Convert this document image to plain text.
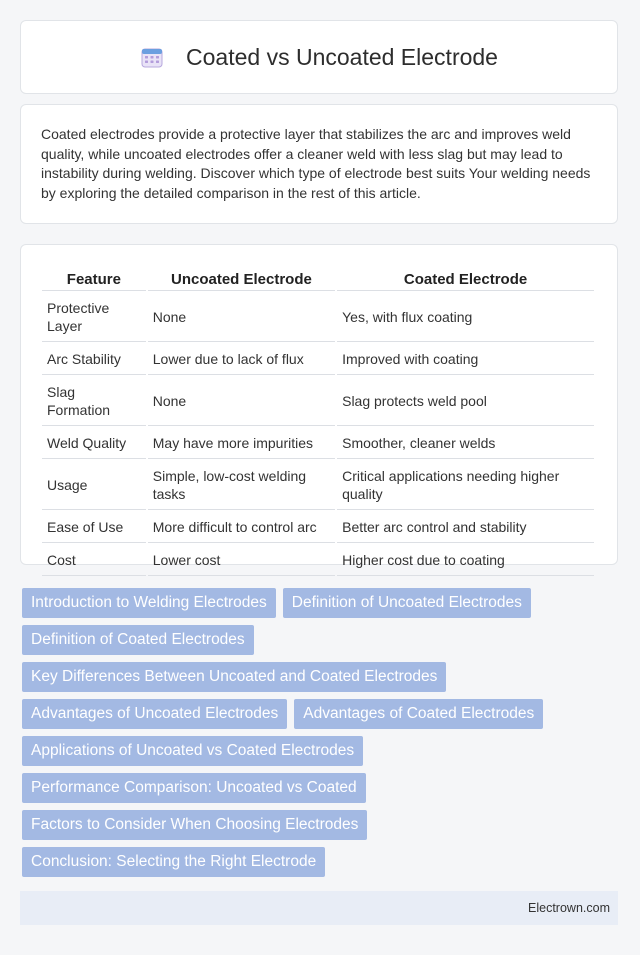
Coated vs Uncoated Electrode
Coated electrodes provide a protective layer that stabilizes the arc and improves weld quality, while uncoated electrodes offer a cleaner weld with less slag but may lead to instability during welding. Discover which type of electrode best suits Your welding needs by exploring the detailed comparison in the rest of this article.
Feature	Uncoated Electrode	Coated Electrode
Protective Layer	None	Yes, with flux coating
Arc Stability	Lower due to lack of flux	Improved with coating
Slag Formation	None	Slag protects weld pool
Weld Quality	May have more impurities	Smoother, cleaner welds
Usage	Simple, low-cost welding tasks	Critical applications needing higher quality
Ease of Use	More difficult to control arc	Better arc control and stability
Cost	Lower cost	Higher cost due to coating
Introduction to Welding Electrodes	Definition of Uncoated Electrodes
Definition of Coated Electrodes
Key Differences Between Uncoated and Coated Electrodes
Advantages of Uncoated Electrodes	Advantages of Coated Electrodes
Applications of Uncoated vs Coated Electrodes
Performance Comparison: Uncoated vs Coated
Factors to Consider When Choosing Electrodes
Conclusion: Selecting the Right Electrode
Electrown.com
